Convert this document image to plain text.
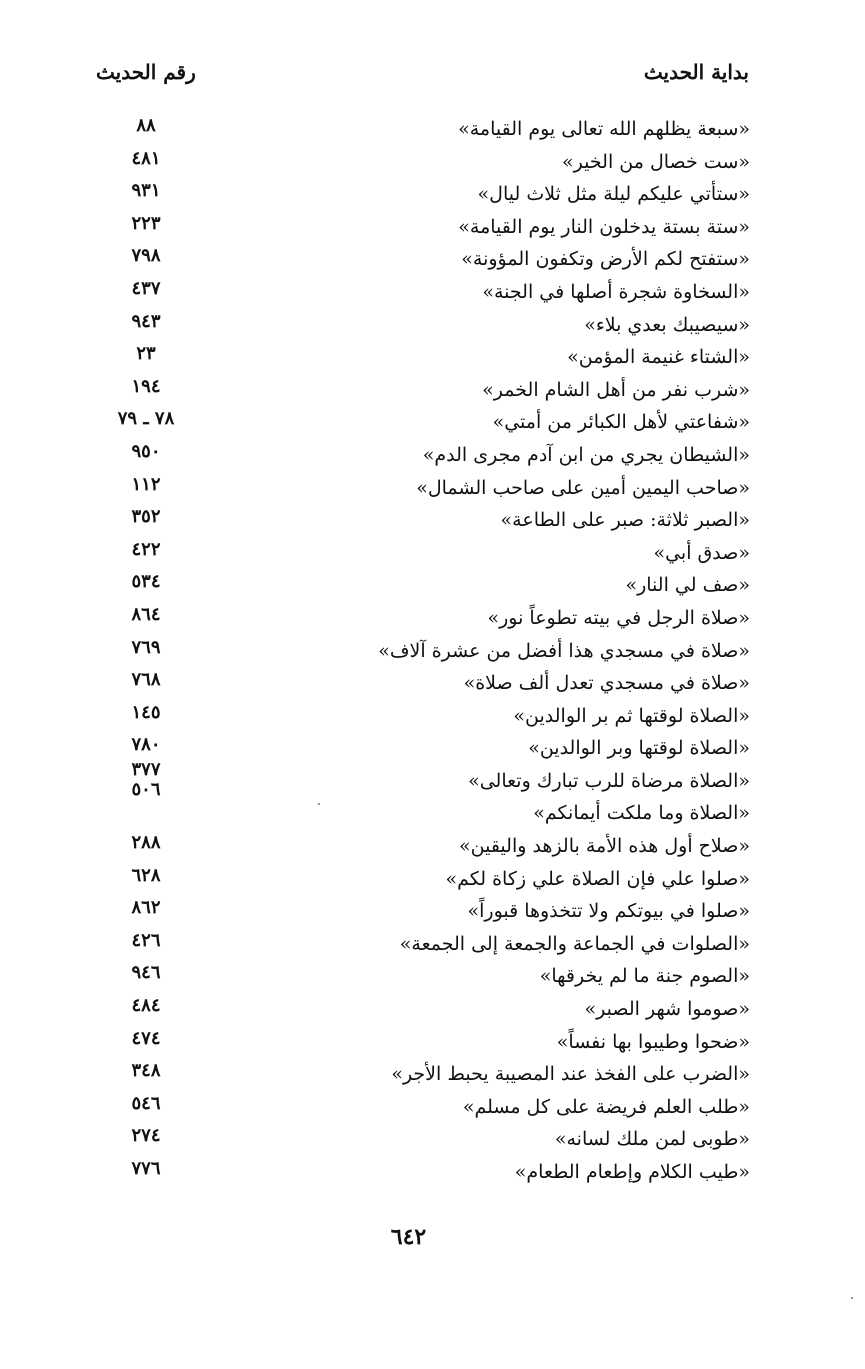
بداية الحديث
رقم الحديث
«سبعة يظلهم الله تعالى يوم القيامة»
٨٨
«ست خصال من الخير»
٤٨١
«ستأتي عليكم ليلة مثل ثلاث ليال»
٩٣١
«ستة بستة يدخلون النار يوم القيامة»
٢٢٣
«ستفتح لكم الأرض وتكفون المؤونة»
٧٩٨
«السخاوة شجرة أصلها في الجنة»
٤٣٧
«سيصيبك بعدي بلاء»
٩٤٣
«الشتاء غنيمة المؤمن»
٢٣
«شرب نفر من أهل الشام الخمر»
١٩٤
«شفاعتي لأهل الكبائر من أمتي»
٧٨ ـ ٧٩
«الشيطان يجري من ابن آدم مجرى الدم»
٩٥٠
«صاحب اليمين أمين على صاحب الشمال»
١١٢
«الصبر ثلاثة: صبر على الطاعة»
٣٥٢
«صدق أبي»
٤٢٢
«صف لي النار»
٥٣٤
«صلاة الرجل في بيته تطوعاً نور»
٨٦٤
«صلاة في مسجدي هذا أفضل من عشرة آلاف»
٧٦٩
«صلاة في مسجدي تعدل ألف صلاة»
٧٦٨
«الصلاة لوقتها ثم بر الوالدين»
١٤٥
«الصلاة لوقتها وبر الوالدين»
٧٨٠
«الصلاة مرضاة للرب تبارك وتعالى»
٣٧٧
٥٠٦
«الصلاة وما ملكت أيمانكم»
«صلاح أول هذه الأمة بالزهد واليقين»
٢٨٨
«صلوا علي فإن الصلاة علي زكاة لكم»
٦٢٨
«صلوا في بيوتكم ولا تتخذوها قبوراً»
٨٦٢
«الصلوات في الجماعة والجمعة إلى الجمعة»
٤٢٦
«الصوم جنة ما لم يخرقها»
٩٤٦
«صوموا شهر الصبر»
٤٨٤
«ضحوا وطيبوا بها نفساً»
٤٧٤
«الضرب على الفخذ عند المصيبة يحبط الأجر»
٣٤٨
«طلب العلم فريضة على كل مسلم»
٥٤٦
«طوبى لمن ملك لسانه»
٢٧٤
«طيب الكلام وإطعام الطعام»
٧٧٦
٦٤٢
